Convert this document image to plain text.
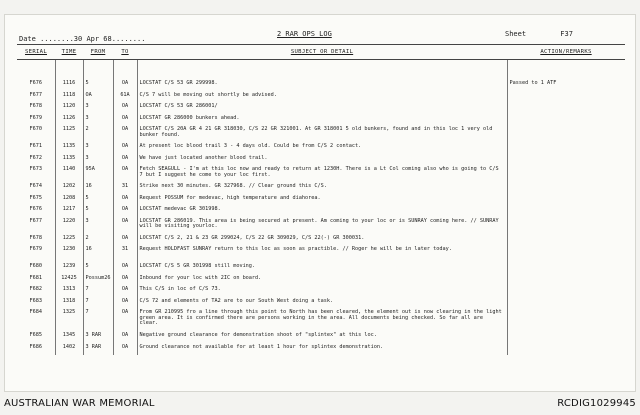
Date ........30 Apr 68........
2 RAR OPS LOG	Sheet	F37
SERIAL	TIME	FROM	TO	SUBJECT OR DETAIL	ACTION/REMARKS

F676	1116	5	OA	LOCSTAT C/S 53 GR 299998.	Passed to 1 ATF
F677	1118	OA	61A	C/S 7 will be moving out shortly be advised.	
F678	1120	3	OA	LOCSTAT C/S 53 GR 286001/	
F679	1126	3	OA	LOCSTAT GR 286000 bunkers ahead.	
F670	1125	2	OA	LOCSTAT C/S 20A GR 4 21 GR 318030, C/S 22 GR 321001. At GR 318001 5 old bunkers, found and in this loc 1 very old bunker found.	
F671	1135	3	OA	At present loc blood trail 3 - 4 days old. Could be from C/S 2 contact.	
F672	1135	3	OA	We have just located another blood trail.	
F673	1140	95A	OA	Fetch SEAGULL - I'm at this loc now and ready to return at 1230H. There is a Lt Col coming also who is going to C/S 7 but I suggest he come to your loc first.	
F674	1202	16	31	Strike next 30 minutes. GR 327968. // Clear ground this C/S.	
F675	1208	5	OA	Request POSSUM for medevac, high temperature and diahorea.	
F676	1217	5	OA	LOCSTAT medevac GR 301998.	
F677	1220	3	OA	LOCSTAT GR 286019. This area is being secured at present. Am coming to your loc or is SUNRAY coming here. // SUNRAY will be visiting yourloc.	
F678	1225	2	OA	LOCSTAT C/S 2, 21 & 23 GR 299024, C/S 22 GR 309029, C/S 22(-) GR 300031.	
F679	1230	16	31	Request HOLDFAST SUNRAY return to this loc as soon as practible. // Roger he will be in later today.	
F680	1239	5	OA	LOCSTAT C/S 5 GR 301998 still moving.	
F681	12425	Possum26	OA	Inbound for your loc with 2IC on board.	
F682	1313	7	OA	This C/S in loc of C/S 73.	
F683	1318	7	OA	C/S 72 and elements of TA2 are to our South West doing a task.	
F684	1325	7	OA	From GR 210995 fro a line through this point to North has been cleared, the element out is now clearing in the light green area. It is confirmed there are persons working in the area. All documents being checked. So far all are clear.	
F685	1345	3 RAR	OA	Negative ground clearance for demonstration shoot of "splintex" at this loc.	
F686	1402	3 RAR	OA	Ground clearance not available for at least 1 hour for splintex demonstration.	
AUSTRALIAN WAR MEMORIAL	RCDIG1029945
